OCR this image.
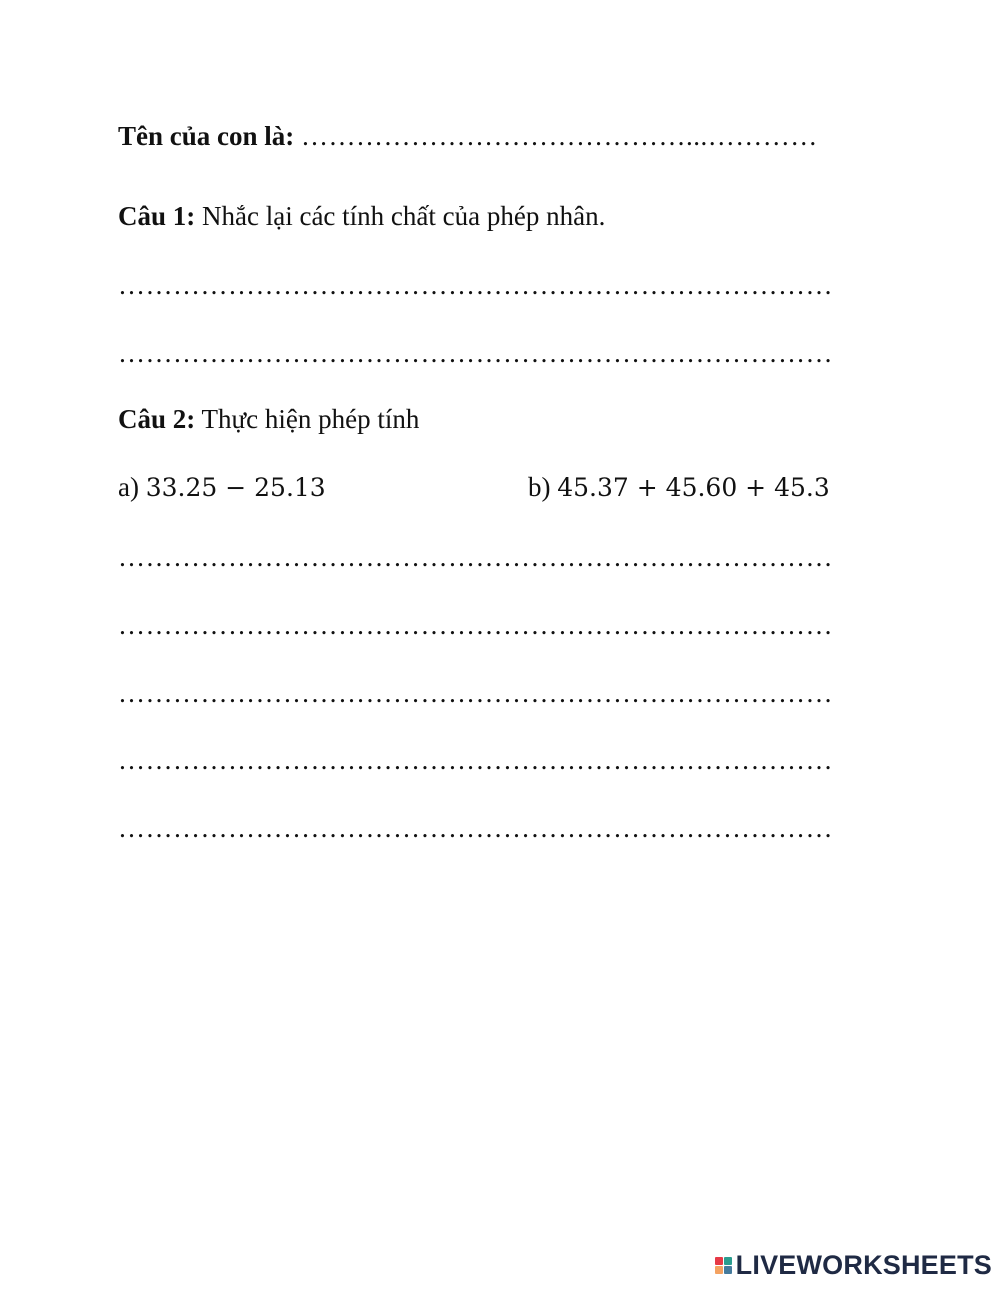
Tên của con là: ……………………………………...…………
Câu 1: Nhắc lại các tính chất của phép nhân.
……………………………………………………………………
……………………………………………………………………
Câu 2: Thực hiện phép tính
a) 33.25 − 25.13	b) 45.37 + 45.60 + 45.3
……………………………………………………………………
……………………………………………………………………
……………………………………………………………………
……………………………………………………………………
……………………………………………………………………
LIVEWORKSHEETS
